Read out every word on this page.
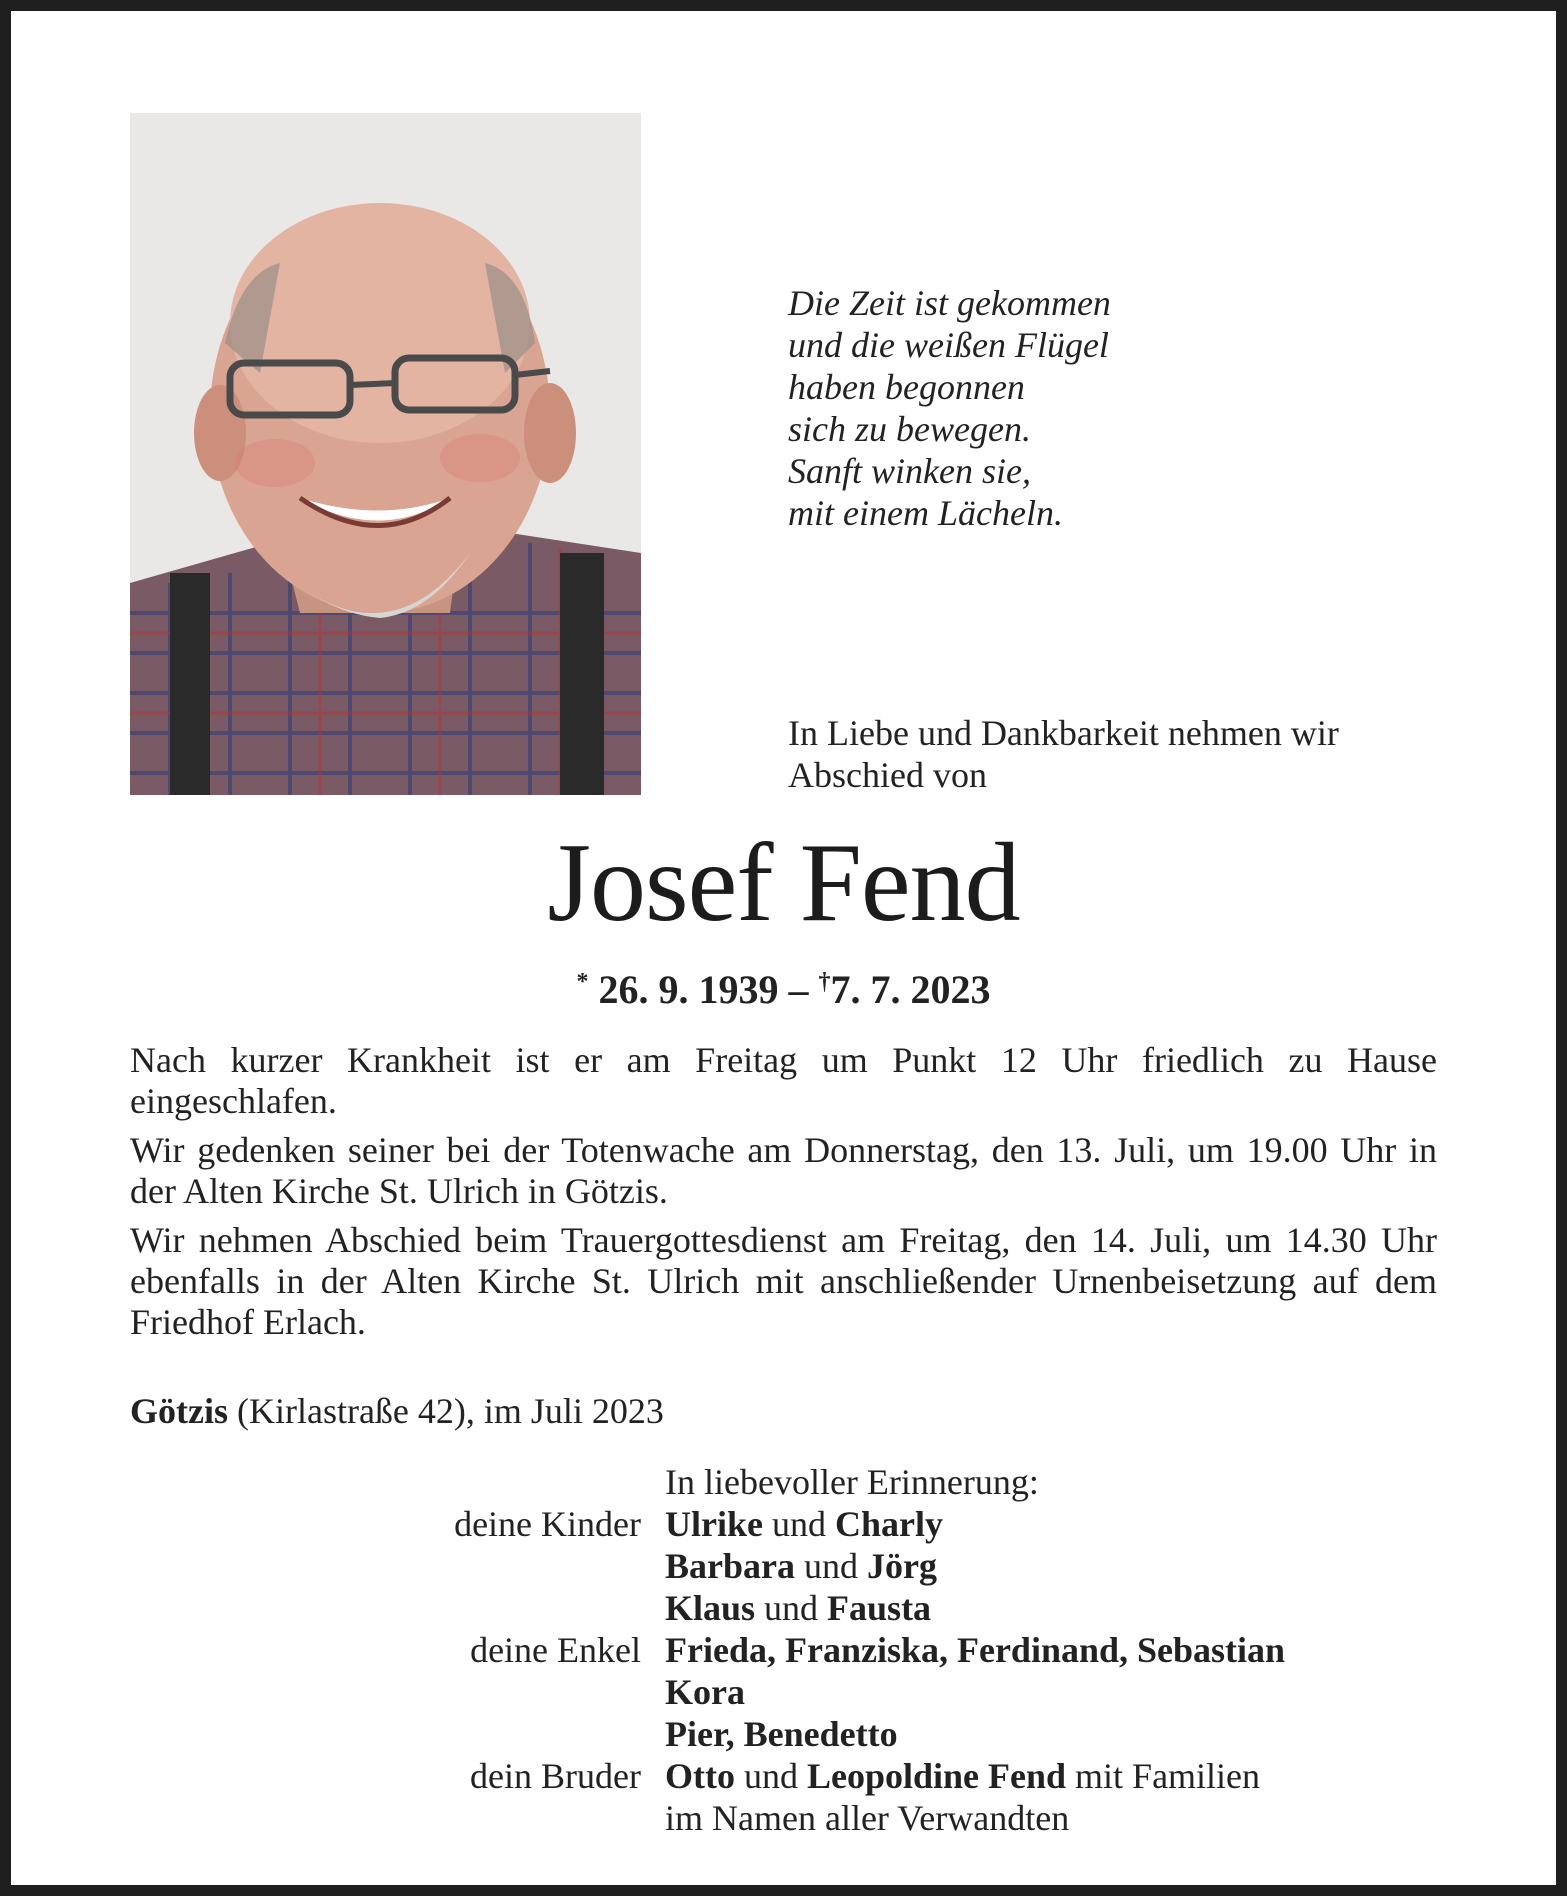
Die Zeit ist gekommen
und die weißen Flügel
haben begonnen
sich zu bewegen.
Sanft winken sie,
mit einem Lächeln.
In Liebe und Dankbarkeit nehmen wir
Abschied von
Josef Fend
* 26. 9. 1939 – †7. 7. 2023

Nach kurzer Krankheit ist er am Freitag um Punkt 12 Uhr friedlich zu Hause eingeschlafen.

Wir gedenken seiner bei der Totenwache am Donnerstag, den 13. Juli, um 19.00 Uhr in der Alten Kirche St. Ulrich in Götzis.

Wir nehmen Abschied beim Trauergottesdienst am Freitag, den 14. Juli, um 14.30 Uhr ebenfalls in der Alten Kirche St. Ulrich mit anschließender Urnenbeisetzung auf dem Friedhof Erlach.

Götzis (Kirlastraße 42), im Juli 2023
In liebevoller Erinnerung:
deine Kinder Ulrike und Charly
Barbara und Jörg
Klaus und Fausta
deine Enkel Frieda, Franziska, Ferdinand, Sebastian
Kora
Pier, Benedetto
dein Bruder Otto und Leopoldine Fend mit Familien
im Namen aller Verwandten
